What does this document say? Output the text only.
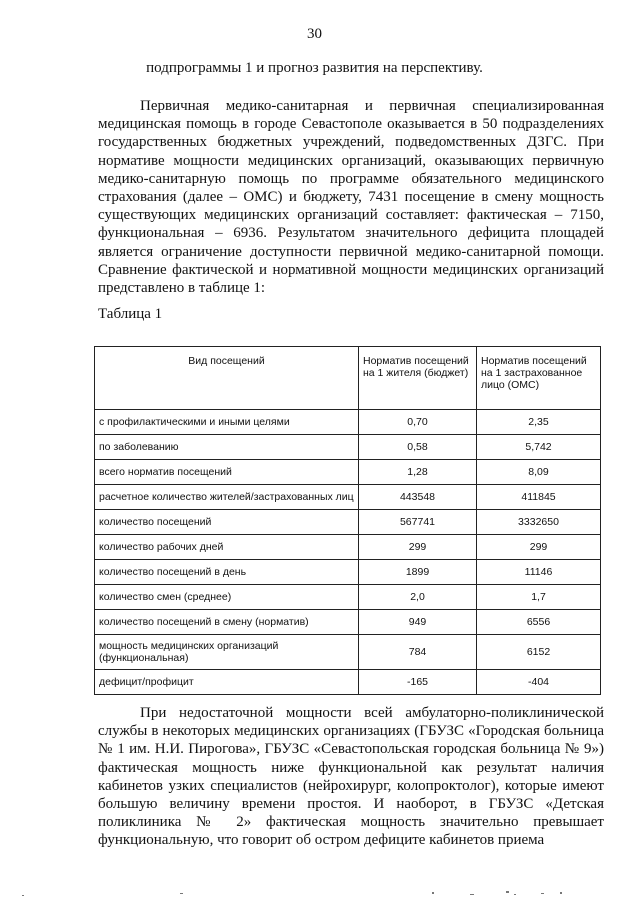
30
подпрограммы 1 и прогноз развития на перспективу.

Первичная медико-санитарная и первичная специализированная медицинская помощь в городе Севастополе оказывается в 50 подразделениях государственных бюджетных учреждений, подведомственных ДЗГС. При нормативе мощности медицинских организаций, оказывающих первичную медико-санитарную помощь по программе обязательного медицинского страхования (далее – ОМС) и бюджету, 7431 посещение в смену мощность существующих медицинских организаций составляет: фактическая – 7150, функциональная – 6936. Результатом значительного дефицита площадей является ограничение доступности первичной медико-санитарной помощи. Сравнение фактической и нормативной мощности медицинских организаций представлено в таблице 1:

Таблица 1
Вид посещений	Норматив посещений на 1 жителя (бюджет)	Норматив посещений на 1 застрахованное лицо (ОМС)
с профилактическими и иными целями	0,70	2,35
по заболеванию	0,58	5,742
всего норматив посещений	1,28	8,09
расчетное количество жителей/застрахованных лиц	443548	411845
количество посещений	567741	3332650
количество рабочих дней	299	299
количество посещений в день	1899	11146
количество смен (среднее)	2,0	1,7
количество посещений в смену (норматив)	949	6556
мощность медицинских организаций (функциональная)	784	6152
дефицит/профицит	-165	-404

При недостаточной мощности всей амбулаторно-поликлинической службы в некоторых медицинских организациях (ГБУЗС «Городская больница № 1 им. Н.И. Пирогова», ГБУЗС «Севастопольская городская больница № 9») фактическая мощность ниже функциональной как результат наличия кабинетов узких специалистов (нейрохирург, колопроктолог), которые имеют большую величину времени простоя. И наоборот, в ГБУЗС «Детская поликлиника № 2» фактическая мощность значительно превышает функциональную, что говорит об остром дефиците кабинетов приема
